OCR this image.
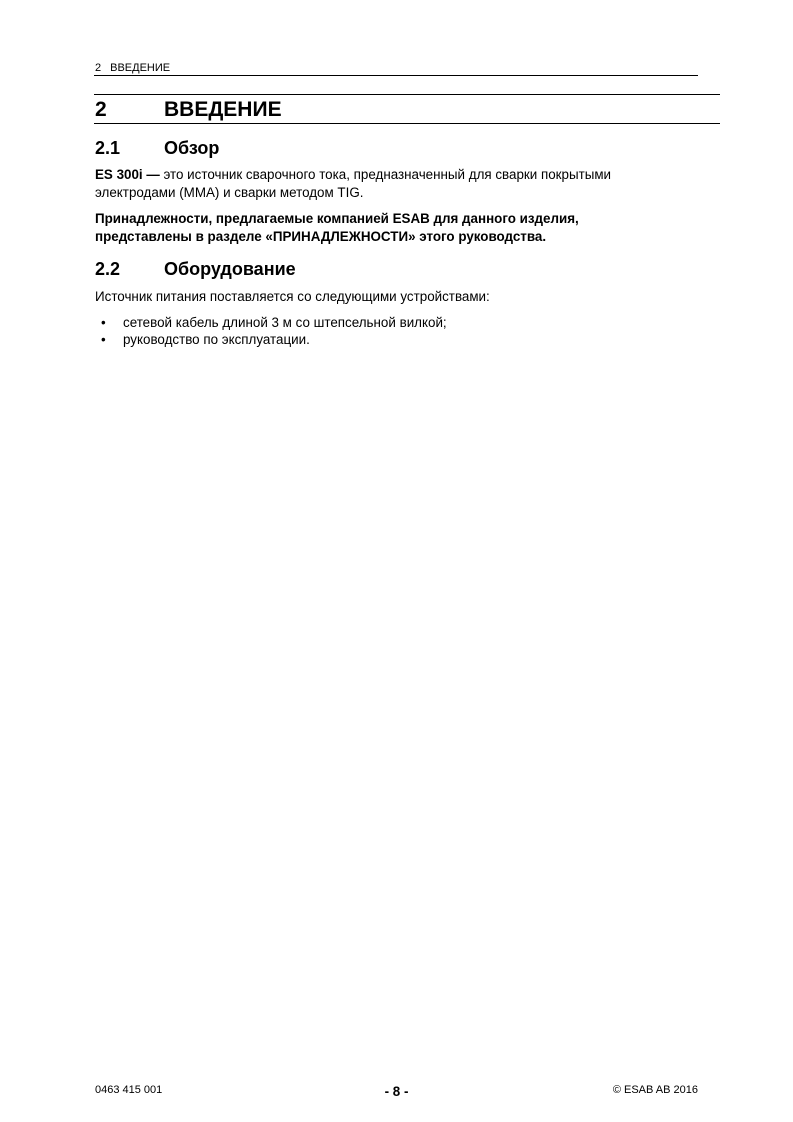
2 ВВЕДЕНИЕ
2	ВВЕДЕНИЕ
2.1 Обзор
ES 300i — это источник сварочного тока, предназначенный для сварки покрытыми
электродами (MMA) и сварки методом TIG.
Принадлежности, предлагаемые компанией ESAB для данного изделия,
представлены в разделе «ПРИНАДЛЕЖНОСТИ» этого руководства.
2.2 Оборудование
Источник питания поставляется со следующими устройствами:
• сетевой кабель длиной 3 м со штепсельной вилкой;
• руководство по эксплуатации.
0463 415 001	- 8 -	© ESAB AB 2016
